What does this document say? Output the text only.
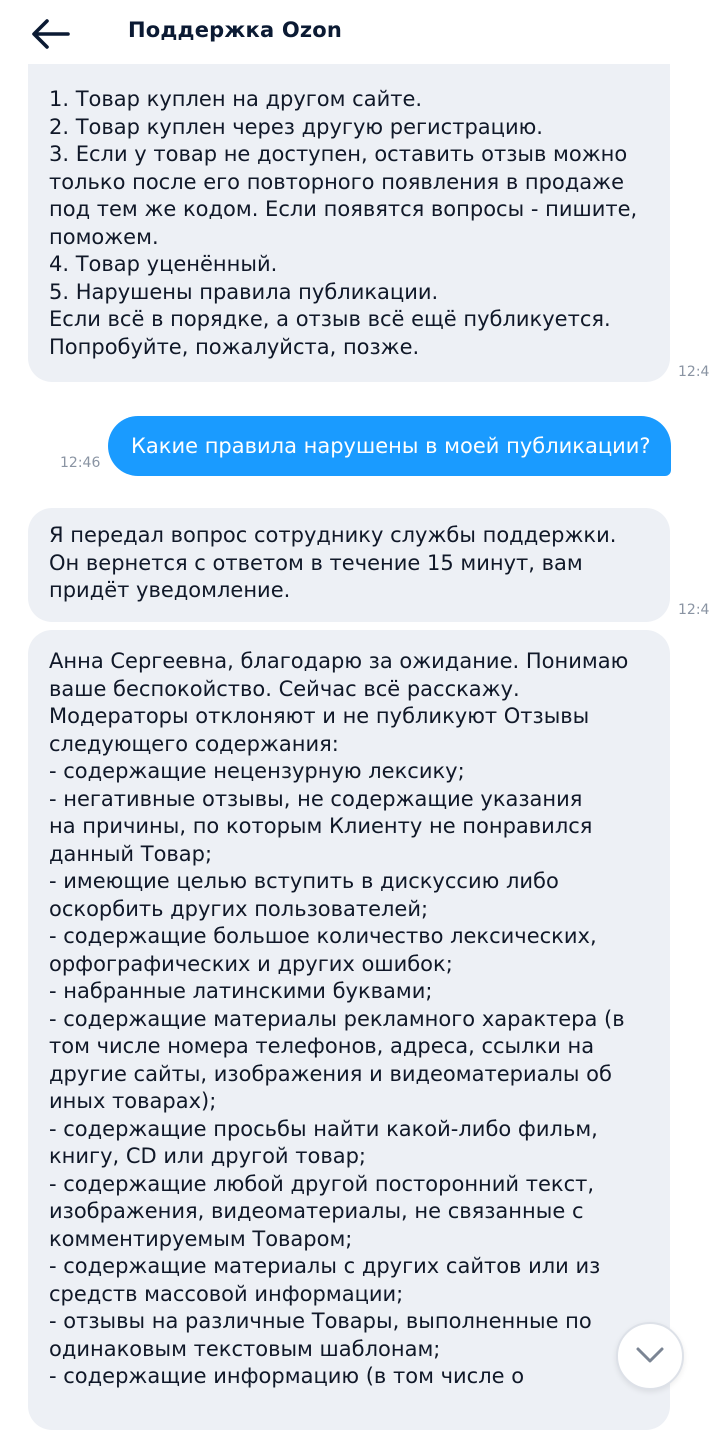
1. Товар куплен на другом сайте.
2. Товар куплен через другую регистрацию.
3. Если у товар не доступен, оставить отзыв можно
только после его повторного появления в продаже
под тем же кодом. Если появятся вопросы - пишите,
поможем.
4. Товар уценённый.
5. Нарушены правила публикации.
Если всё в порядке, а отзыв всё ещё публикуется.
Попробуйте, пожалуйста, позже.
12:4
Какие правила нарушены в моей публикации?
12:46
Я передал вопрос сотруднику службы поддержки.
Он вернется с ответом в течение 15 минут, вам
придёт уведомление.
12:4
Анна Сергеевна, благодарю за ожидание. Понимаю
ваше беспокойство. Сейчас всё расскажу.
Модераторы отклоняют и не публикуют Отзывы
следующего содержания:
- содержащие нецензурную лексику;
- негативные отзывы, не содержащие указания
на причины, по которым Клиенту не понравился
данный Товар;
- имеющие целью вступить в дискуссию либо
оскорбить других пользователей;
- содержащие большое количество лексических,
орфографических и других ошибок;
- набранные латинскими буквами;
- содержащие материалы рекламного характера (в
том числе номера телефонов, адреса, ссылки на
другие сайты, изображения и видеоматериалы об
иных товарах);
- содержащие просьбы найти какой-либо фильм,
книгу, CD или другой товар;
- содержащие любой другой посторонний текст,
изображения, видеоматериалы, не связанные с
комментируемым Товаром;
- содержащие материалы с других сайтов или из
средств массовой информации;
- отзывы на различные Товары, выполненные по
одинаковым текстовым шаблонам;
- содержащие информацию (в том числе о
Поддержка Ozon
